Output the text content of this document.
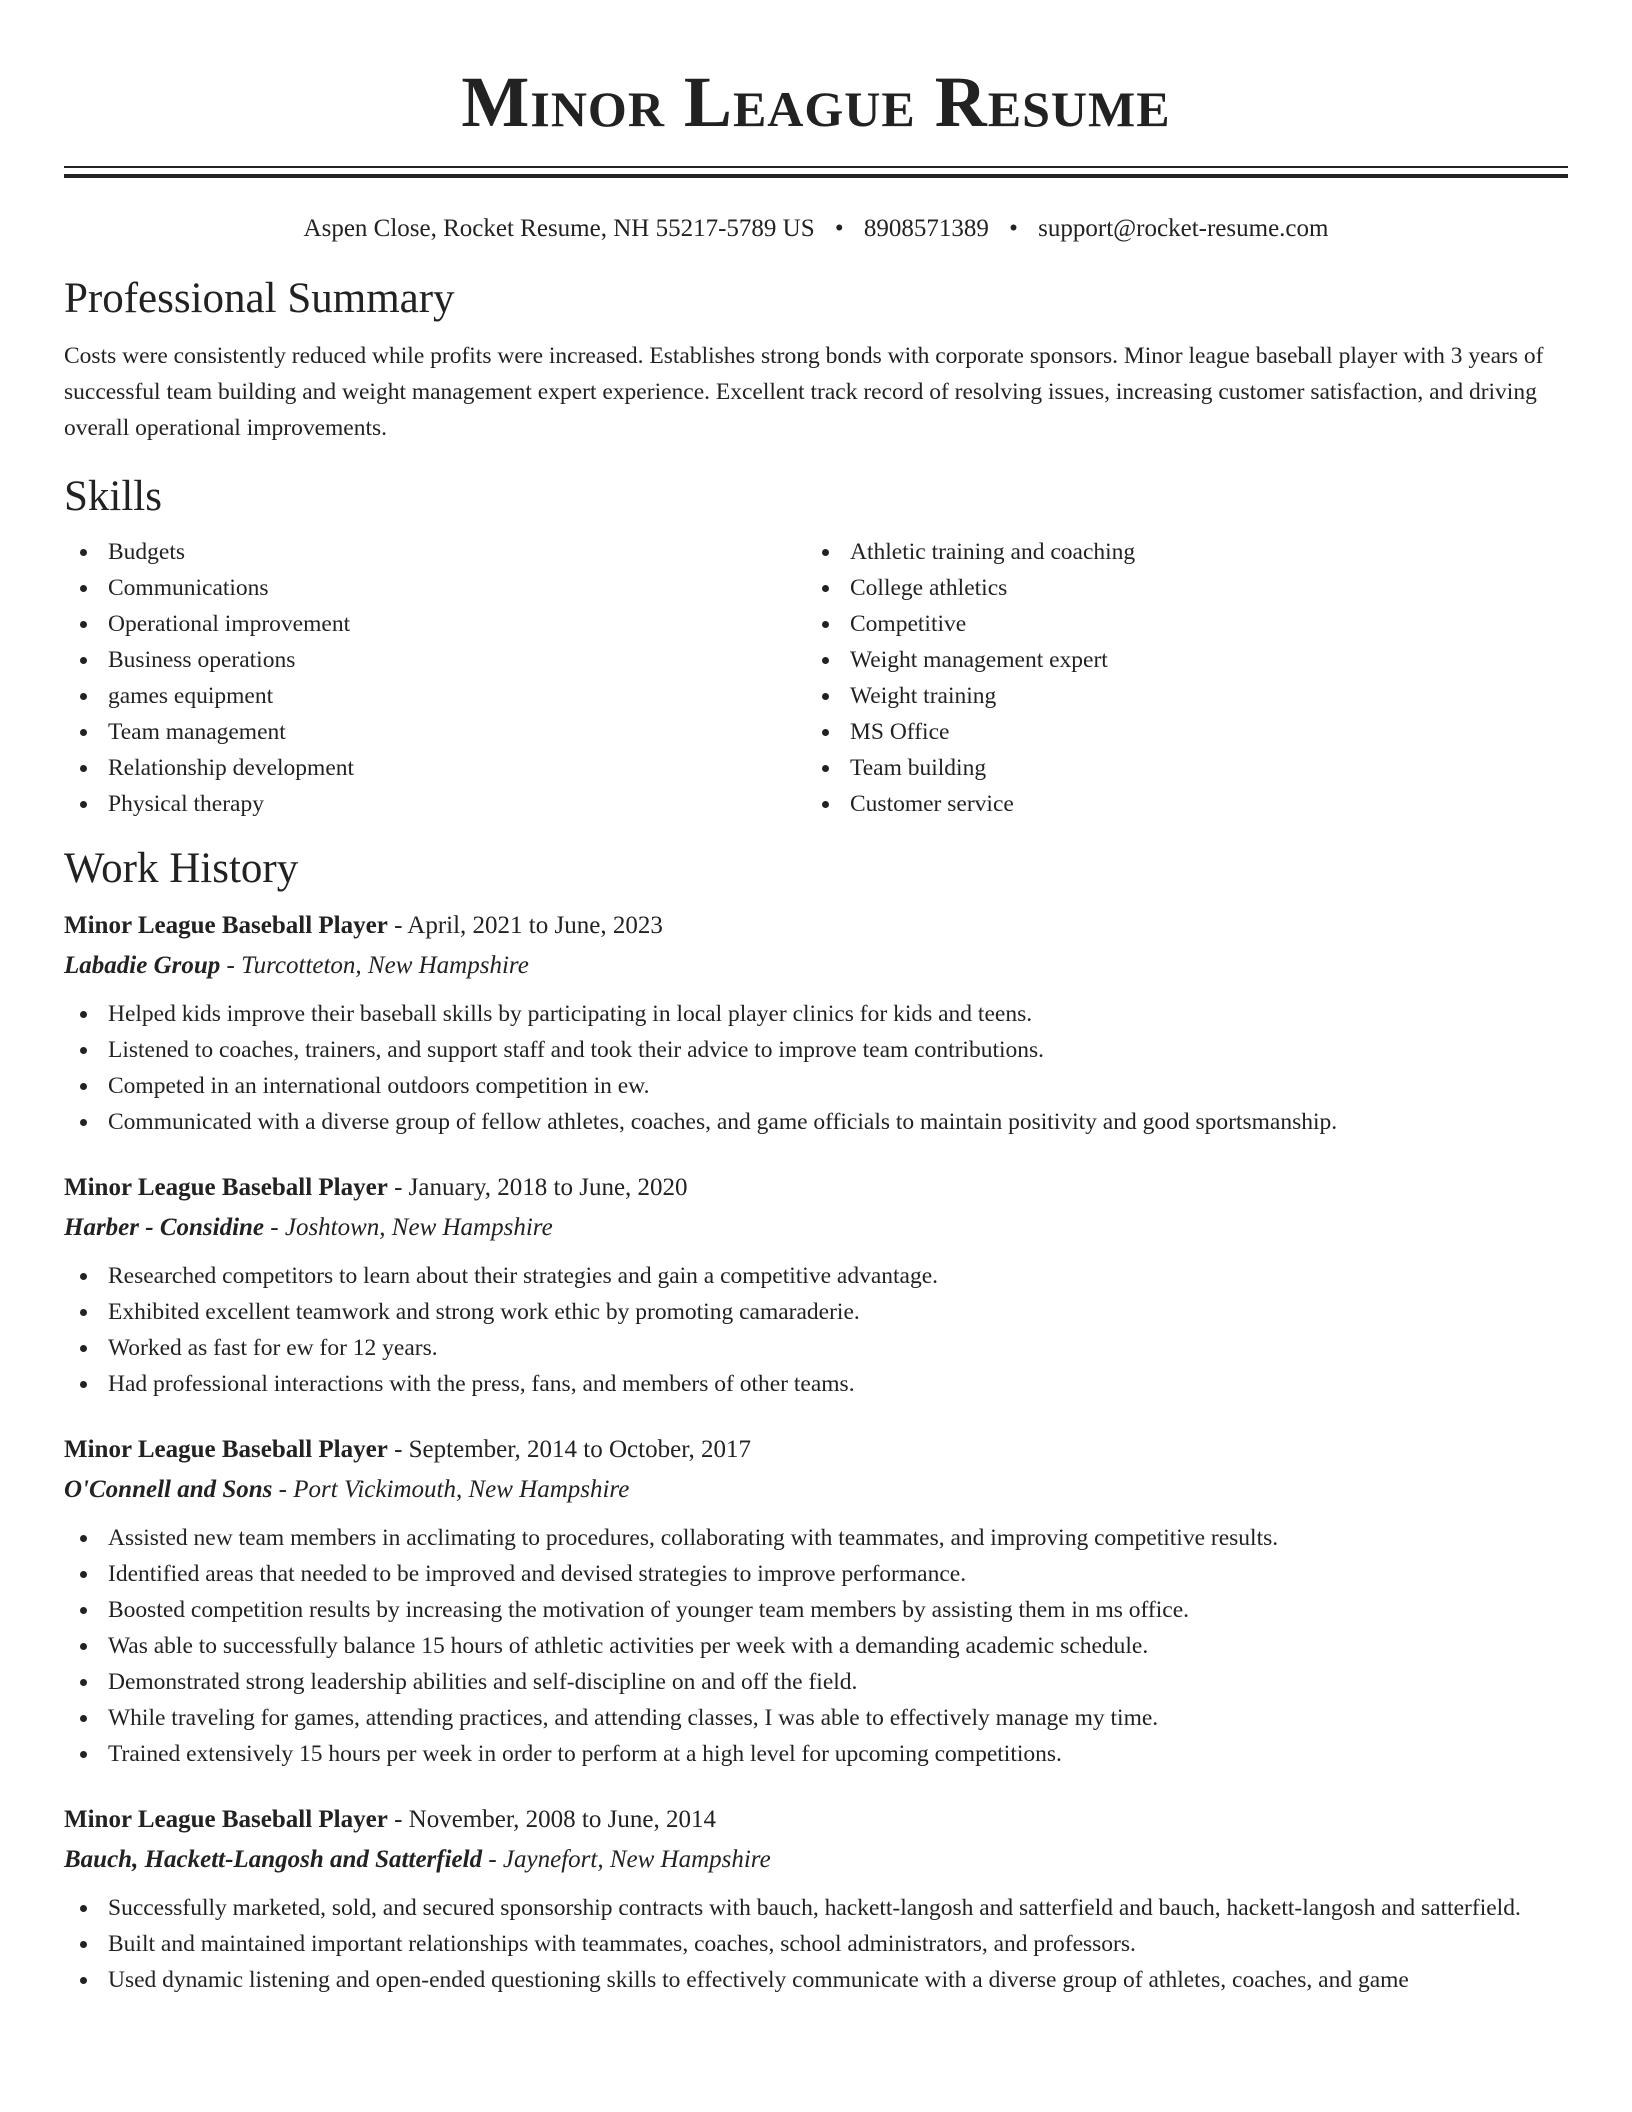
Minor League Resume
Aspen Close, Rocket Resume, NH 55217-5789 US • 8908571389 • support@rocket-resume.com
Professional Summary
Costs were consistently reduced while profits were increased. Establishes strong bonds with corporate sponsors. Minor league baseball player with 3 years of successful team building and weight management expert experience. Excellent track record of resolving issues, increasing customer satisfaction, and driving overall operational improvements.
Skills
Budgets
Communications
Operational improvement
Business operations
games equipment
Team management
Relationship development
Physical therapy
Athletic training and coaching
College athletics
Competitive
Weight management expert
Weight training
MS Office
Team building
Customer service
Work History
Minor League Baseball Player - April, 2021 to June, 2023
Labadie Group - Turcotteton, New Hampshire
Helped kids improve their baseball skills by participating in local player clinics for kids and teens.
Listened to coaches, trainers, and support staff and took their advice to improve team contributions.
Competed in an international outdoors competition in ew.
Communicated with a diverse group of fellow athletes, coaches, and game officials to maintain positivity and good sportsmanship.
Minor League Baseball Player - January, 2018 to June, 2020
Harber - Considine - Joshtown, New Hampshire
Researched competitors to learn about their strategies and gain a competitive advantage.
Exhibited excellent teamwork and strong work ethic by promoting camaraderie.
Worked as fast for ew for 12 years.
Had professional interactions with the press, fans, and members of other teams.
Minor League Baseball Player - September, 2014 to October, 2017
O'Connell and Sons - Port Vickimouth, New Hampshire
Assisted new team members in acclimating to procedures, collaborating with teammates, and improving competitive results.
Identified areas that needed to be improved and devised strategies to improve performance.
Boosted competition results by increasing the motivation of younger team members by assisting them in ms office.
Was able to successfully balance 15 hours of athletic activities per week with a demanding academic schedule.
Demonstrated strong leadership abilities and self-discipline on and off the field.
While traveling for games, attending practices, and attending classes, I was able to effectively manage my time.
Trained extensively 15 hours per week in order to perform at a high level for upcoming competitions.
Minor League Baseball Player - November, 2008 to June, 2014
Bauch, Hackett-Langosh and Satterfield - Jaynefort, New Hampshire
Successfully marketed, sold, and secured sponsorship contracts with bauch, hackett-langosh and satterfield and bauch, hackett-langosh and satterfield.
Built and maintained important relationships with teammates, coaches, school administrators, and professors.
Used dynamic listening and open-ended questioning skills to effectively communicate with a diverse group of athletes, coaches, and game
